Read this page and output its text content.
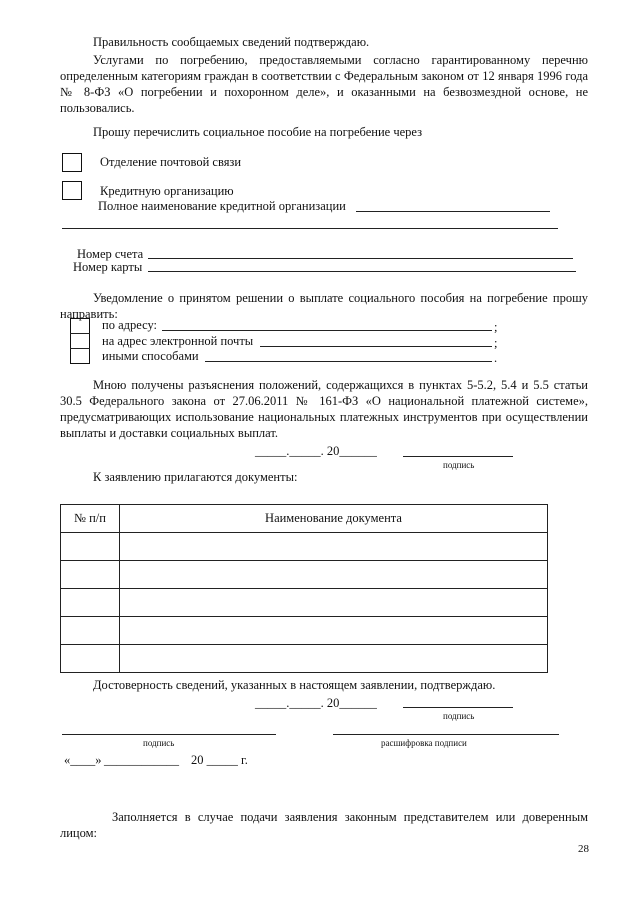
Правильность сообщаемых сведений подтверждаю.
Услугами по погребению, предоставляемыми согласно гарантированному перечню определенным категориям граждан в соответствии с Федеральным законом от 12 января 1996 года № 8-ФЗ «О погребении и похоронном деле», и оказанными на безвозмездной основе, не пользовались.
Прошу перечислить социальное пособие на погребение через
Отделение почтовой связи
Кредитную организацию
Полное наименование кредитной организации
Номер счета
Номер карты
Уведомление о принятом решении о выплате социального пособия на погребение прошу направить:
по адресу:	;
на адрес электронной почты	;
иными способами	.
Мною получены разъяснения положений, содержащихся в пунктах 5-5.2, 5.4 и 5.5 статьи 30.5 Федерального закона от 27.06.2011 № 161-ФЗ «О национальной платежной системе», предусматривающих использование национальных платежных инструментов при осуществлении выплаты и доставки социальных выплат.
_____._____. 20______
подпись
К заявлению прилагаются документы:
№ п/п	Наименование документа

Достоверность сведений, указанных в настоящем заявлении, подтверждаю.
_____._____. 20______
подпись
подпись	расшифровка подписи
«____» ____________ 20 _____ г.
Заполняется в случае подачи заявления законным представителем или доверенным лицом:
28
